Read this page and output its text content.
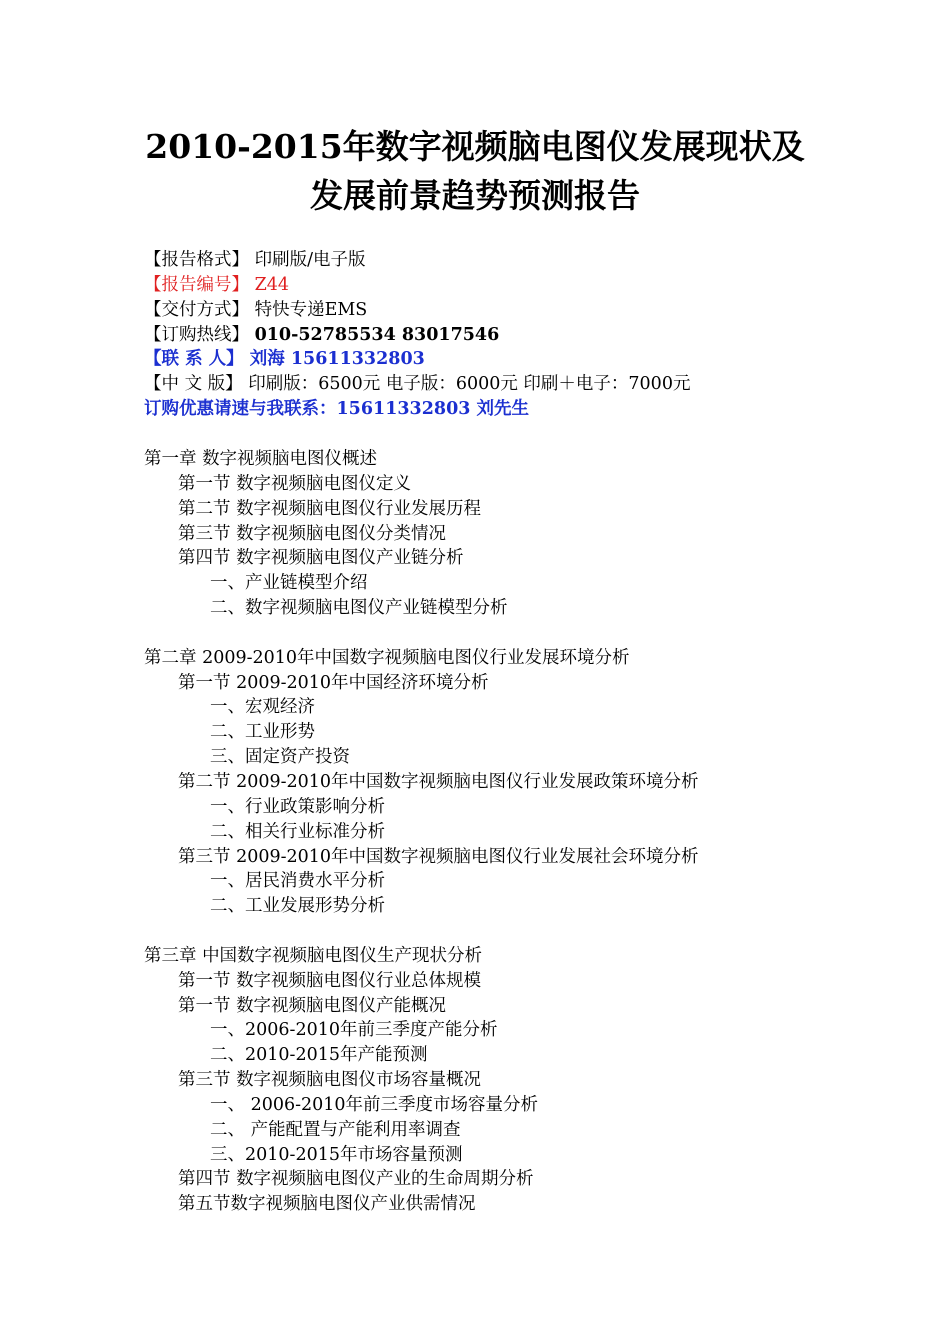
2010-2015年数字视频脑电图仪发展现状及
发展前景趋势预测报告
【报告格式】 印刷版/电子版
【报告编号】 Z44
【交付方式】 特快专递EMS
【订购热线】 010-52785534 83017546
【联 系 人】 刘海 15611332803
【中 文 版】 印刷版：6500元 电子版：6000元 印刷＋电子：7000元
订购优惠请速与我联系：15611332803 刘先生
第一章 数字视频脑电图仪概述
第一节 数字视频脑电图仪定义
第二节 数字视频脑电图仪行业发展历程
第三节 数字视频脑电图仪分类情况
第四节 数字视频脑电图仪产业链分析
一、产业链模型介绍
二、数字视频脑电图仪产业链模型分析
第二章 2009-2010年中国数字视频脑电图仪行业发展环境分析
第一节 2009-2010年中国经济环境分析
一、宏观经济
二、工业形势
三、固定资产投资
第二节 2009-2010年中国数字视频脑电图仪行业发展政策环境分析
一、行业政策影响分析
二、相关行业标准分析
第三节 2009-2010年中国数字视频脑电图仪行业发展社会环境分析
一、居民消费水平分析
二、工业发展形势分析
第三章 中国数字视频脑电图仪生产现状分析
第一节 数字视频脑电图仪行业总体规模
第一节 数字视频脑电图仪产能概况
一、2006-2010年前三季度产能分析
二、2010-2015年产能预测
第三节 数字视频脑电图仪市场容量概况
一、 2006-2010年前三季度市场容量分析
二、 产能配置与产能利用率调查
三、2010-2015年市场容量预测
第四节 数字视频脑电图仪产业的生命周期分析
第五节数字视频脑电图仪产业供需情况
